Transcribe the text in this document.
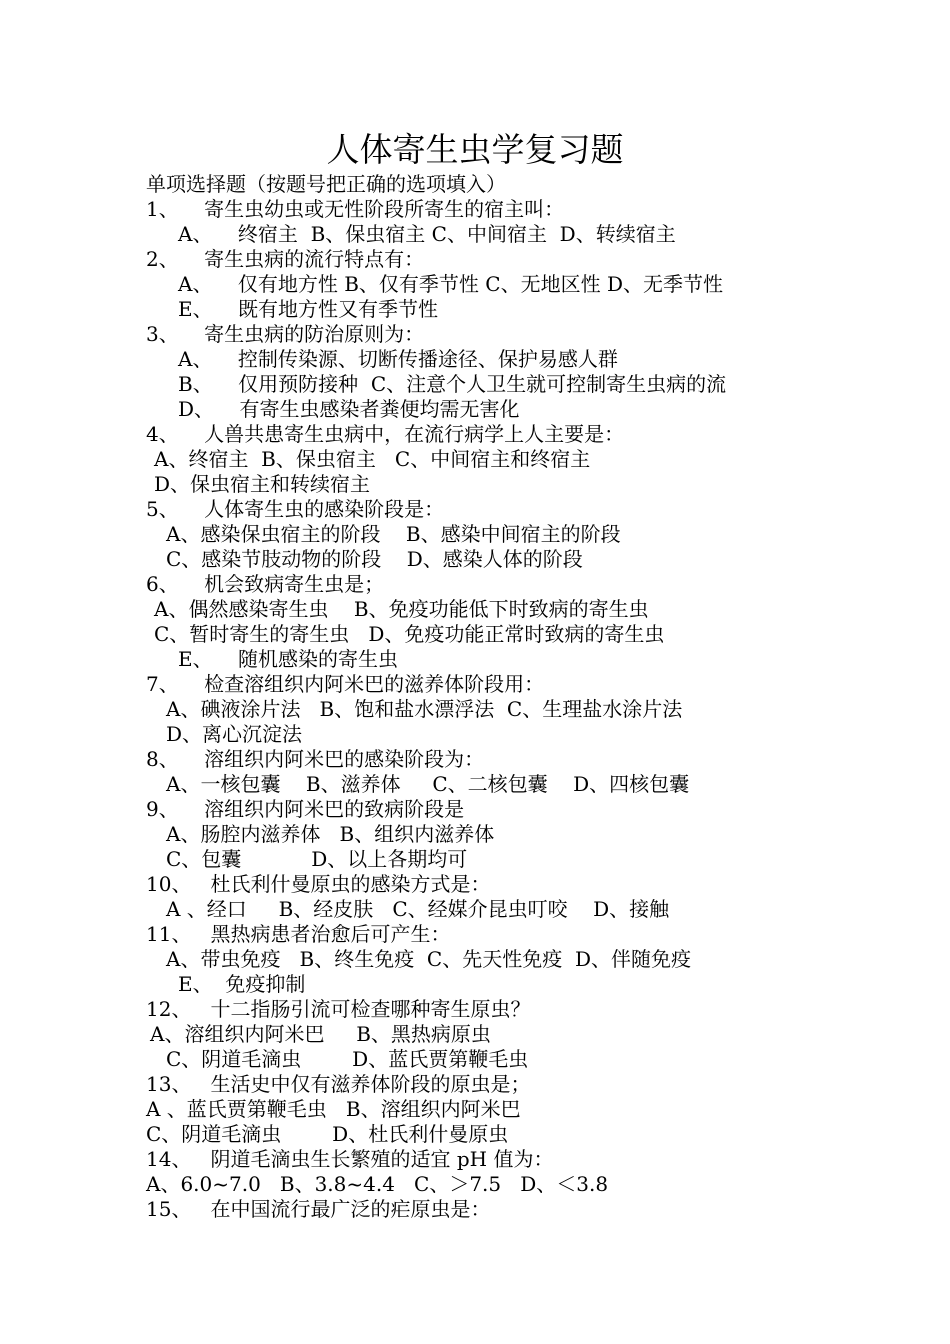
人体寄生虫学复习题
单项选择题（按题号把正确的选项填入）
1、    寄生虫幼虫或无性阶段所寄生的宿主叫：
A、    终宿主  B、保虫宿主 C、中间宿主  D、转续宿主
2、    寄生虫病的流行特点有：
A、    仅有地方性 B、仅有季节性 C、无地区性 D、无季节性
E、    既有地方性又有季节性
3、    寄生虫病的防治原则为：
A、    控制传染源、切断传播途径、保护易感人群
B、    仅用预防接种  C、注意个人卫生就可控制寄生虫病的流
D、    有寄生虫感染者粪便均需无害化
4、    人兽共患寄生虫病中，在流行病学上人主要是：
A、终宿主  B、保虫宿主   C、中间宿主和终宿主
D、保虫宿主和转续宿主
5、    人体寄生虫的感染阶段是：
A、感染保虫宿主的阶段    B、感染中间宿主的阶段
C、感染节肢动物的阶段    D、感染人体的阶段
6、    机会致病寄生虫是；
A、偶然感染寄生虫    B、免疫功能低下时致病的寄生虫
C、暂时寄生的寄生虫   D、免疫功能正常时致病的寄生虫
E、    随机感染的寄生虫
7、    检查溶组织内阿米巴的滋养体阶段用：
A、碘液涂片法   B、饱和盐水漂浮法  C、生理盐水涂片法
D、离心沉淀法
8、    溶组织内阿米巴的感染阶段为：
A、一核包囊    B、滋养体     C、二核包囊    D、四核包囊
9、    溶组织内阿米巴的致病阶段是
A、肠腔内滋养体   B、组织内滋养体
C、包囊           D、以上各期均可
10、   杜氏利什曼原虫的感染方式是：
A 、经口     B、经皮肤   C、经媒介昆虫叮咬    D、接触
11、   黑热病患者治愈后可产生：
A、带虫免疫   B、终生免疫  C、先天性免疫  D、伴随免疫
E、  免疫抑制
12、   十二指肠引流可检查哪种寄生原虫？
A、溶组织内阿米巴     B、黑热病原虫
C、阴道毛滴虫        D、蓝氏贾第鞭毛虫
13、   生活史中仅有滋养体阶段的原虫是；
A 、蓝氏贾第鞭毛虫   B、溶组织内阿米巴
C、阴道毛滴虫        D、杜氏利什曼原虫
14、   阴道毛滴虫生长繁殖的适宜 pH 值为：
A、6.0~7.0   B、3.8~4.4   C、＞7.5   D、＜3.8
15、   在中国流行最广泛的疟原虫是：
